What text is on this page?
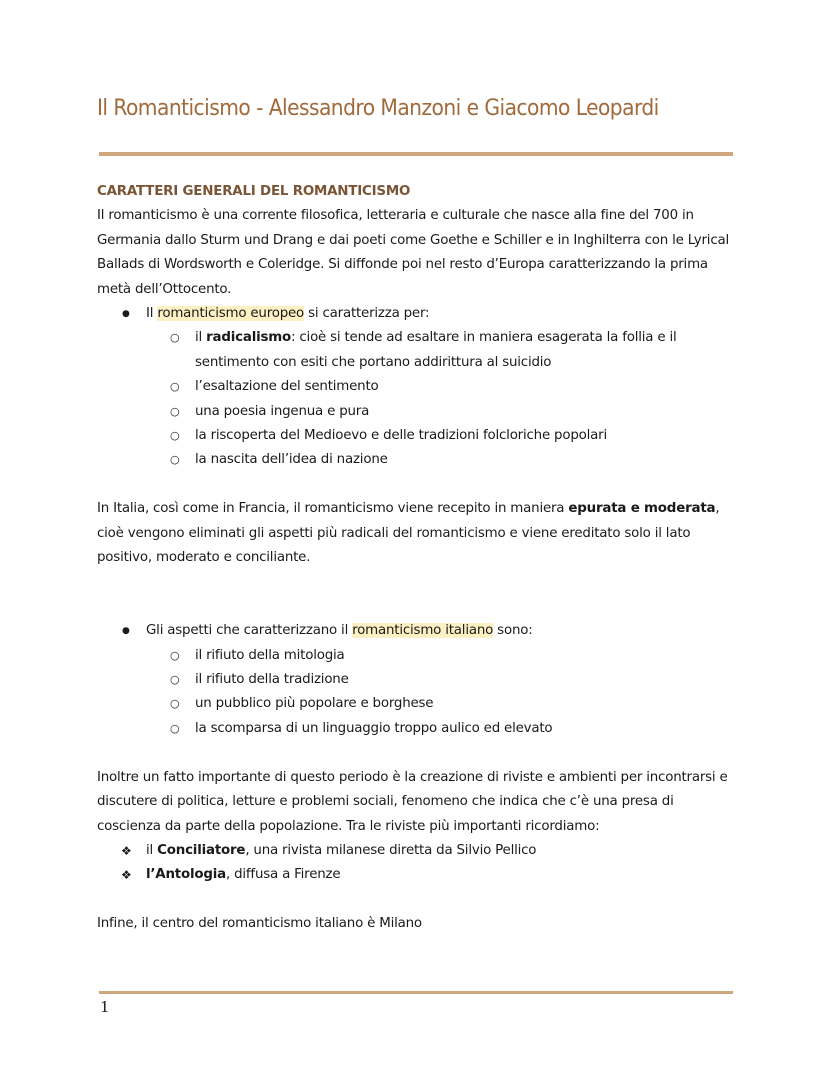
Il Romanticismo - Alessandro Manzoni e Giacomo Leopardi

CARATTERI GENERALI DEL ROMANTICISMO

Il romanticismo è una corrente filosofica, letteraria e culturale che nasce alla fine del 700 in Germania dallo Sturm und Drang e dai poeti come Goethe e Schiller e in Inghilterra con le Lyrical Ballads di Wordsworth e Coleridge. Si diffonde poi nel resto d’Europa caratterizzando la prima metà dell’Ottocento.

● Il romanticismo europeo si caratterizza per:
○ il radicalismo: cioè si tende ad esaltare in maniera esagerata la follia e il sentimento con esiti che portano addirittura al suicidio
○ l’esaltazione del sentimento
○ una poesia ingenua e pura
○ la riscoperta del Medioevo e delle tradizioni folcloriche popolari
○ la nascita dell’idea di nazione

In Italia, così come in Francia, il romanticismo viene recepito in maniera epurata e moderata, cioè vengono eliminati gli aspetti più radicali del romanticismo e viene ereditato solo il lato positivo, moderato e conciliante.

● Gli aspetti che caratterizzano il romanticismo italiano sono:
○ il rifiuto della mitologia
○ il rifiuto della tradizione
○ un pubblico più popolare e borghese
○ la scomparsa di un linguaggio troppo aulico ed elevato

Inoltre un fatto importante di questo periodo è la creazione di riviste e ambienti per incontrarsi e discutere di politica, letture e problemi sociali, fenomeno che indica che c’è una presa di coscienza da parte della popolazione. Tra le riviste più importanti ricordiamo:

❖ il Conciliatore, una rivista milanese diretta da Silvio Pellico
❖ l’Antologia, diffusa a Firenze

Infine, il centro del romanticismo italiano è Milano

1
